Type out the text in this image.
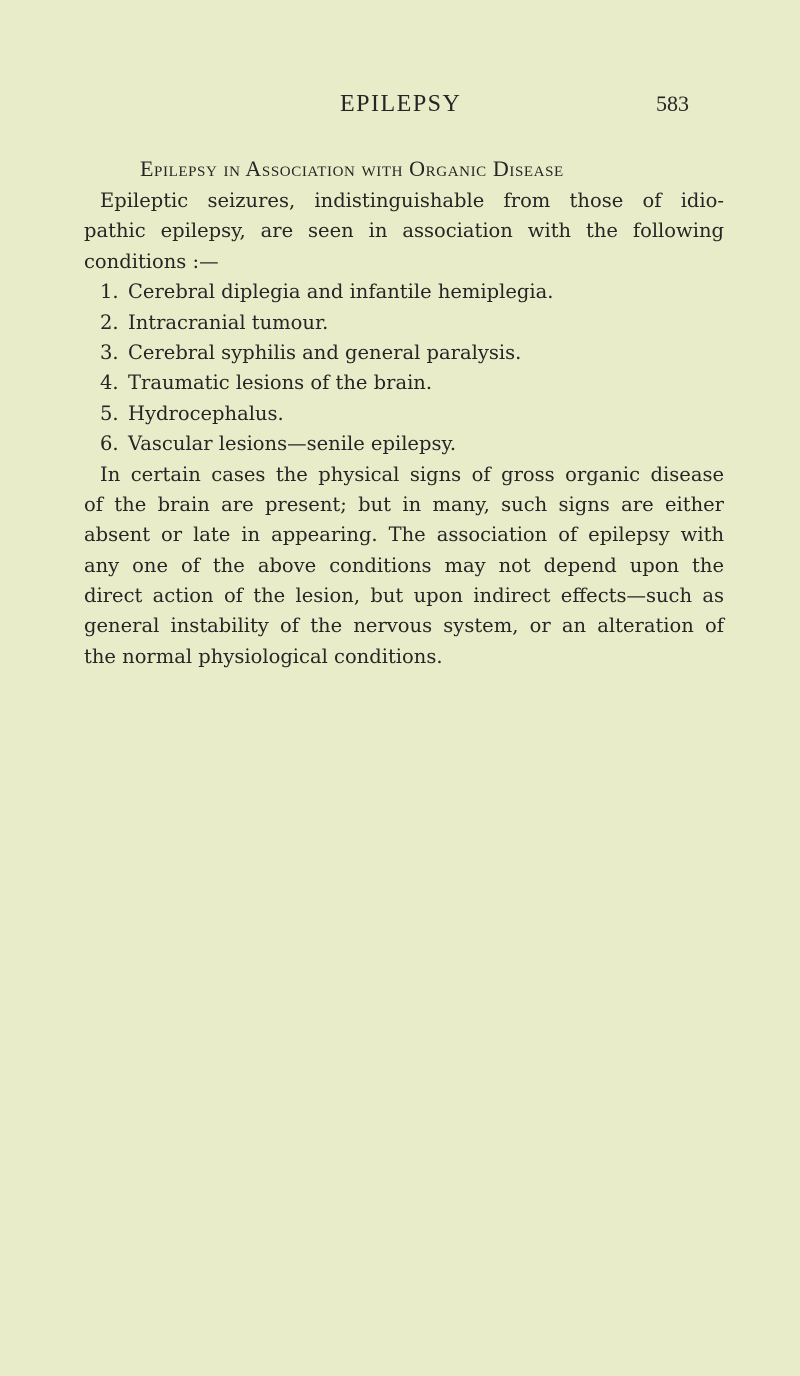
EPILEPSY	583
Epilepsy in Association with Organic Disease
Epileptic seizures, indistinguishable from those of idio-
pathic epilepsy, are seen in association with the following
conditions :—
1. Cerebral diplegia and infantile hemiplegia.
2. Intracranial tumour.
3. Cerebral syphilis and general paralysis.
4. Traumatic lesions of the brain.
5. Hydrocephalus.
6. Vascular lesions—senile epilepsy.
In certain cases the physical signs of gross organic disease
of the brain are present; but in many, such signs are either
absent or late in appearing. The association of epilepsy with
any one of the above conditions may not depend upon the
direct action of the lesion, but upon indirect effects—such as
general instability of the nervous system, or an alteration of
the normal physiological conditions.
